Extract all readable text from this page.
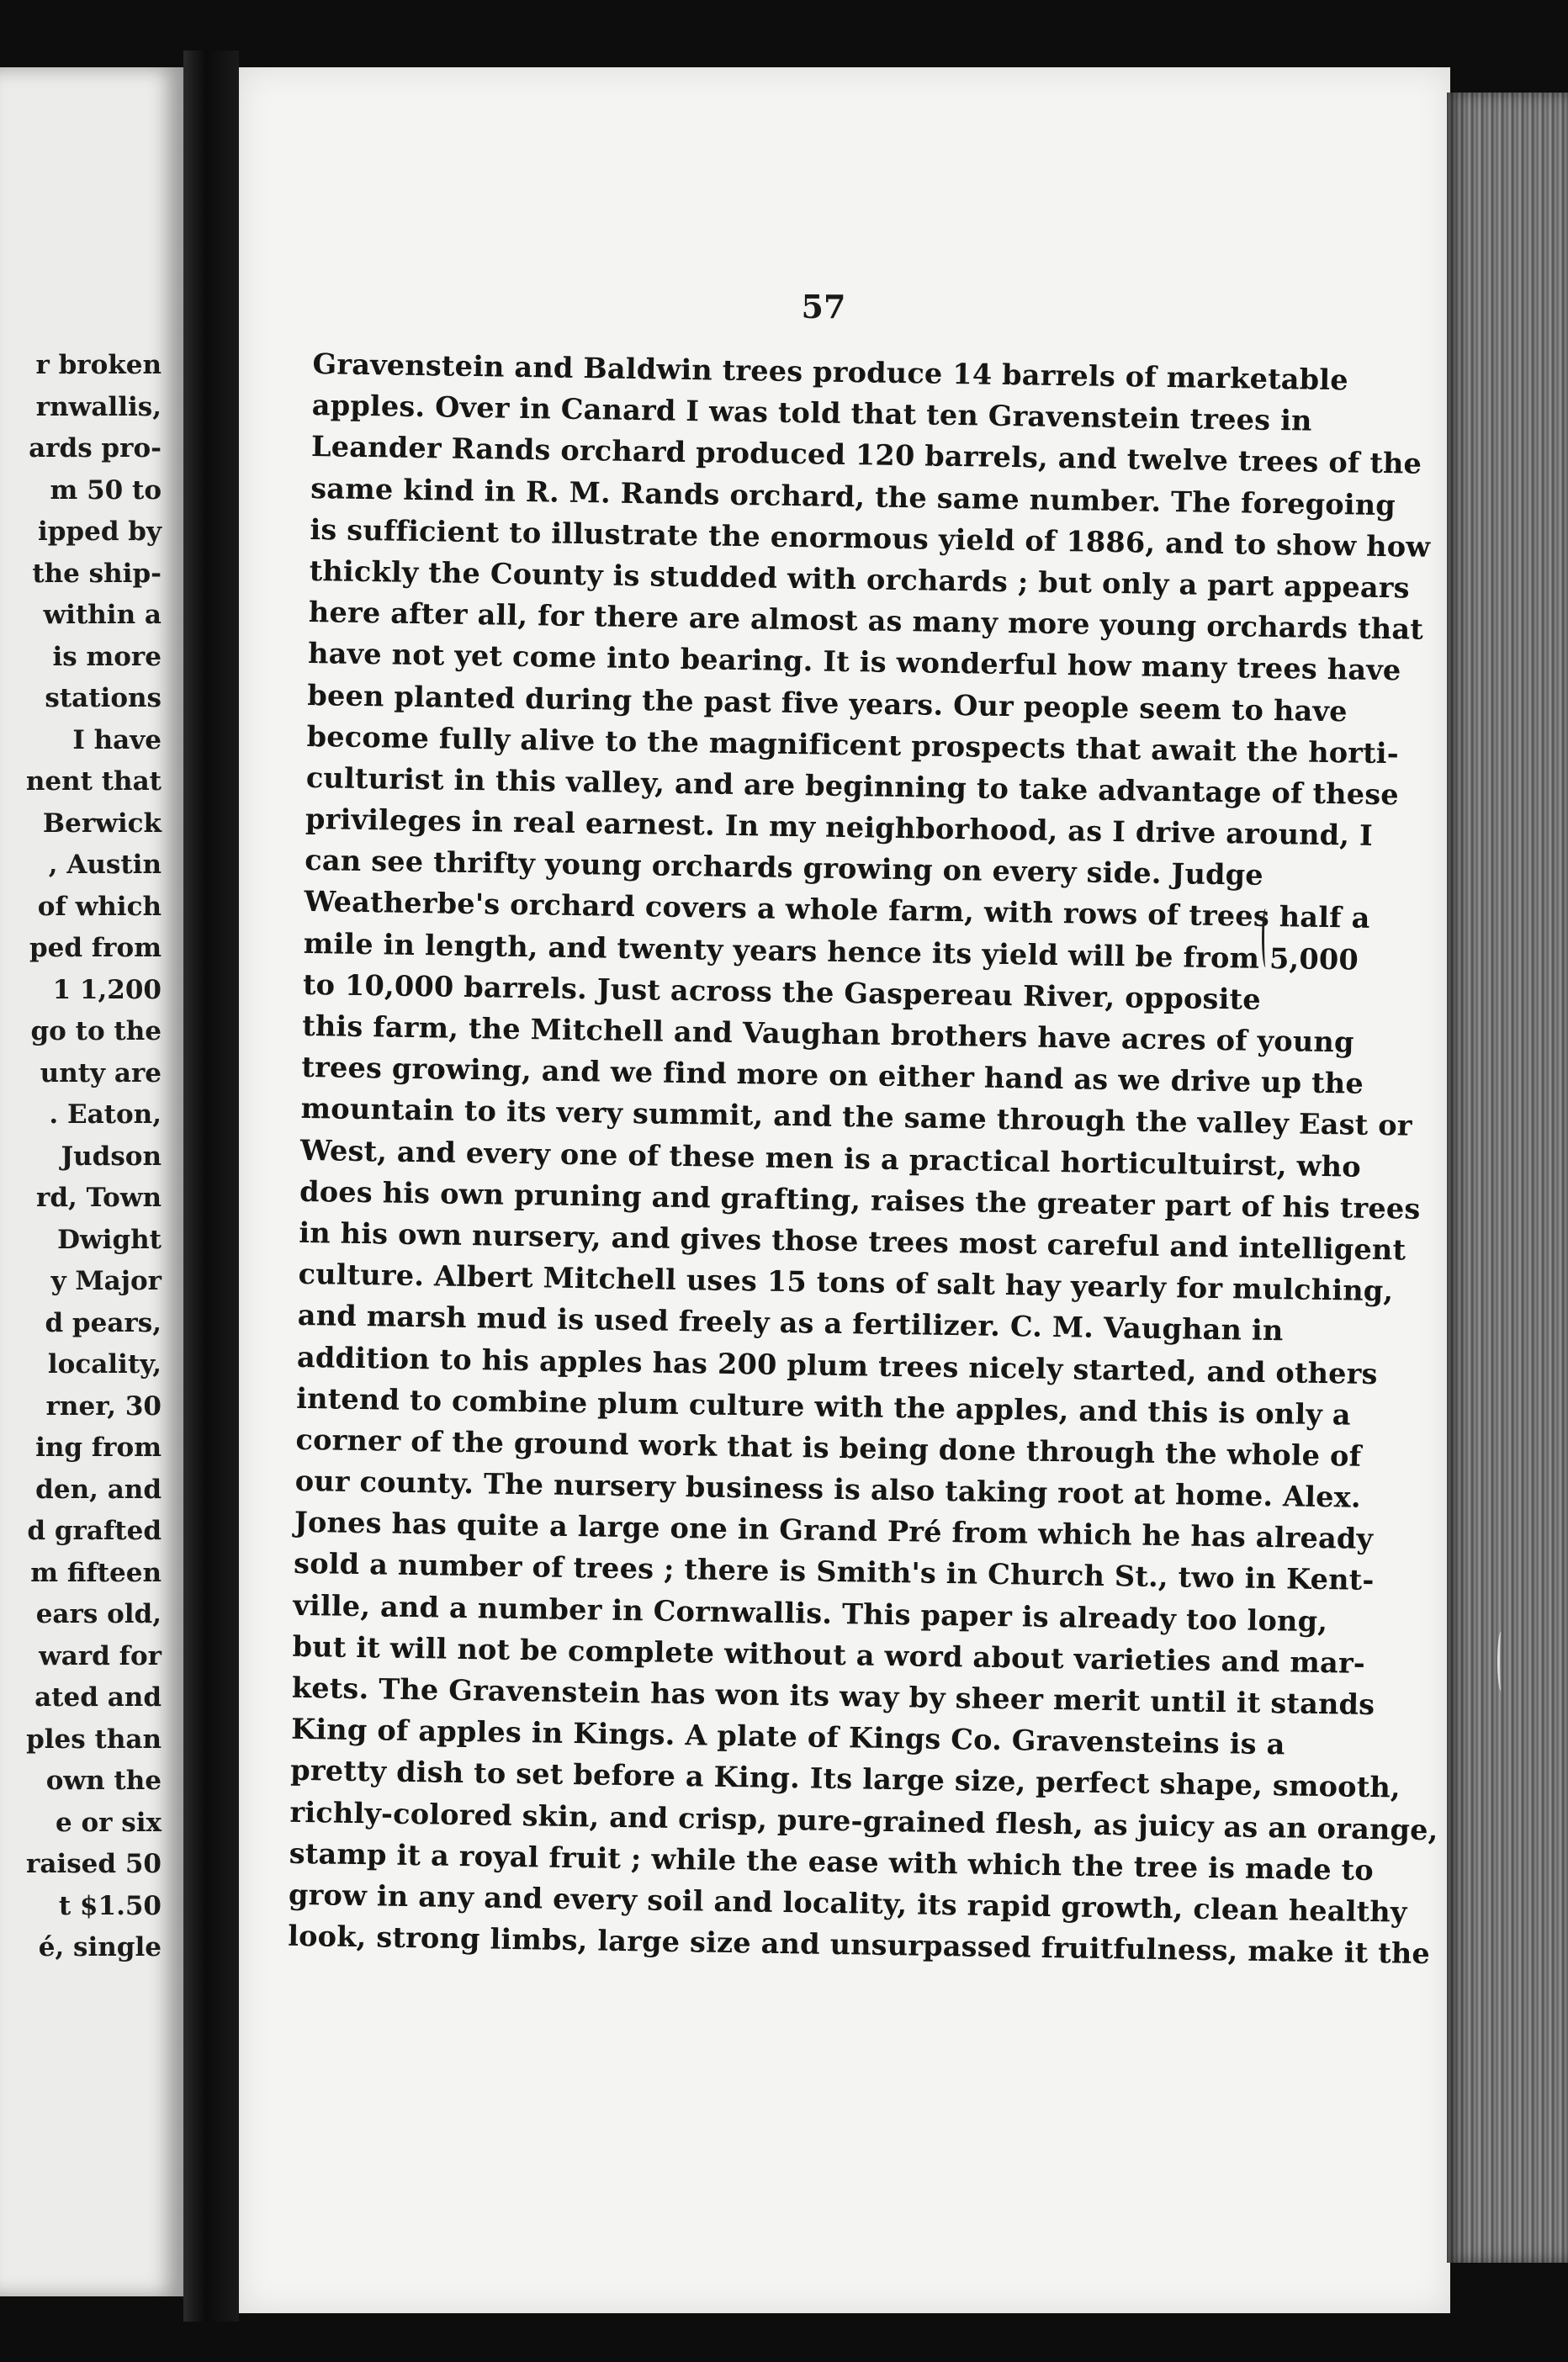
r broken
rnwallis,
ards pro-
m 50 to
ipped by
the ship-
within a
is more
stations
I have
nent that
Berwick
, Austin
of which
ped from
1 1,200
go to the
unty are
. Eaton,
Judson
rd, Town
Dwight
y Major
d pears,
locality,
rner, 30
ing from
den, and
d grafted
m fifteen
ears old,
ward for
ated and
ples than
own the
e or six
raised 50
t $1.50
é, single
57
Gravenstein and Baldwin trees produce 14 barrels of marketable
apples. Over in Canard I was told that ten Gravenstein trees in
Leander Rands orchard produced 120 barrels, and twelve trees of the
same kind in R. M. Rands orchard, the same number. The foregoing
is sufficient to illustrate the enormous yield of 1886, and to show how
thickly the County is studded with orchards ; but only a part appears
here after all, for there are almost as many more young orchards that
have not yet come into bearing. It is wonderful how many trees have
been planted during the past five years. Our people seem to have
become fully alive to the magnificent prospects that await the horti-
culturist in this valley, and are beginning to take advantage of these
privileges in real earnest. In my neighborhood, as I drive around, I
can see thrifty young orchards growing on every side. Judge
Weatherbe's orchard covers a whole farm, with rows of trees half a
mile in length, and twenty years hence its yield will be from 5,000
to 10,000 barrels. Just across the Gaspereau River, opposite
this farm, the Mitchell and Vaughan brothers have acres of young
trees growing, and we find more on either hand as we drive up the
mountain to its very summit, and the same through the valley East or
West, and every one of these men is a practical horticultuirst, who
does his own pruning and grafting, raises the greater part of his trees
in his own nursery, and gives those trees most careful and intelligent
culture. Albert Mitchell uses 15 tons of salt hay yearly for mulching,
and marsh mud is used freely as a fertilizer. C. M. Vaughan in
addition to his apples has 200 plum trees nicely started, and others
intend to combine plum culture with the apples, and this is only a
corner of the ground work that is being done through the whole of
our county. The nursery business is also taking root at home. Alex.
Jones has quite a large one in Grand Pré from which he has already
sold a number of trees ; there is Smith's in Church St., two in Kent-
ville, and a number in Cornwallis. This paper is already too long,
but it will not be complete without a word about varieties and mar-
kets. The Gravenstein has won its way by sheer merit until it stands
King of apples in Kings. A plate of Kings Co. Gravensteins is a
pretty dish to set before a King. Its large size, perfect shape, smooth,
richly-colored skin, and crisp, pure-grained flesh, as juicy as an orange,
stamp it a royal fruit ; while the ease with which the tree is made to
grow in any and every soil and locality, its rapid growth, clean healthy
look, strong limbs, large size and unsurpassed fruitfulness, make it the
